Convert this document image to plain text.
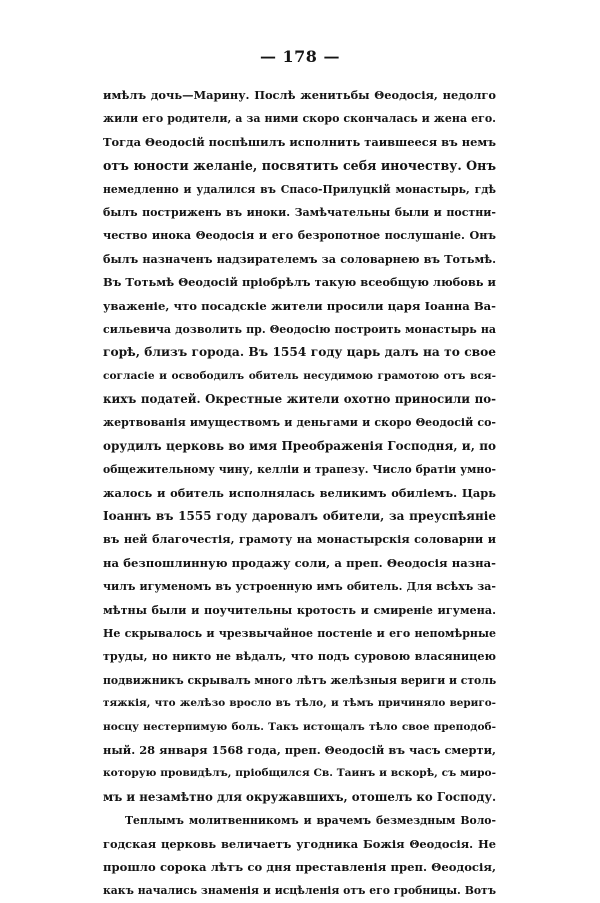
— 178 —
имѣлъ дочь—Марину. Послѣ женитьбы Θеодосія, недолго
жили его родители, а за ними скоро скончалась и жена его.
Тогда Θеодосій поспѣшилъ исполнить таившееся въ немъ
отъ юности желаніе, посвятить себя иночеству. Онъ
немедленно и удалился въ Спасо-Прилуцкій монастырь, гдѣ
былъ постриженъ въ иноки. Замѣчательны были и постни-
чество инока Θеодосія и его безропотное послушаніе. Онъ
былъ назначенъ надзирателемъ за соловарнею въ Тотьмѣ.
Въ Тотьмѣ Θеодосій пріобрѣлъ такую всеобщую любовь и
уваженіе, что посадскіе жители просили царя Іоанна Ва-
сильевича дозволить пр. Θеодосію построить монастырь на
горѣ, близъ города. Въ 1554 году царь далъ на то свое
согласіе и освободилъ обитель несудимою грамотою отъ вся-
кихъ податей. Окрестные жители охотно приносили по-
жертвованія имуществомъ и деньгами и скоро Θеодосій со-
орудилъ церковь во имя Преображенія Господня, и, по
общежительному чину, келліи и трапезу. Число братіи умно-
жалось и обитель исполнялась великимъ обиліемъ. Царь
Іоаннъ въ 1555 году даровалъ обители, за преуспѣяніе
въ ней благочестія, грамоту на монастырскія соловарни и
на безпошлинную продажу соли, а преп. Θеодосія назна-
чилъ игуменомъ въ устроенную имъ обитель. Для всѣхъ за-
мѣтны были и поучительны кротость и смиреніе игумена.
Не скрывалось и чрезвычайное постеніе и его непомѣрные
труды, но никто не вѣдалъ, что подъ суровою власяницею
подвижникъ скрывалъ много лѣтъ желѣзныя вериги и столь
тяжкія, что желѣзо вросло въ тѣло, и тѣмъ причиняло вериго-
носцу нестерпимую боль. Такъ истощалъ тѣло свое преподоб-
ный. 28 января 1568 года, преп. Θеодосій въ часъ смерти,
которую провидѣлъ, пріобщился Св. Таинъ и вскорѣ, съ миро-
мъ и незамѣтно для окружавшихъ, отошелъ ко Господу.
Теплымъ молитвенникомъ и врачемъ безмездным Воло-
годская церковь величаетъ угодника Божія Θеодосія. Не
прошло сорока лѣтъ со дня преставленія преп. Θеодосія,
какъ начались знаменія и исцѣленія отъ его гробницы. Вотъ
